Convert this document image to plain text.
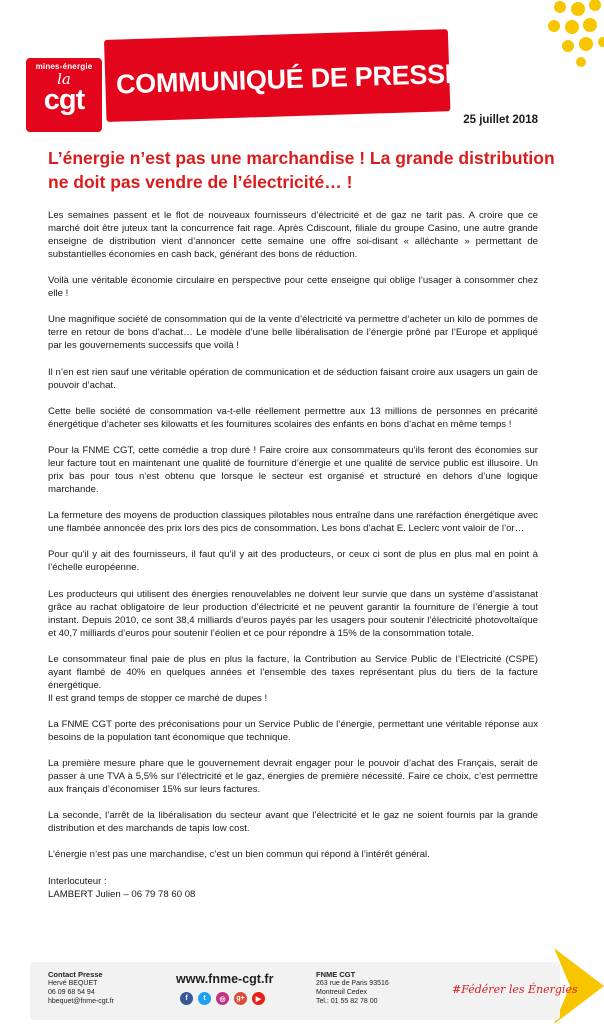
mines-énergie
la
cgt
COMMUNIQUÉ DE PRESSE
25 juillet 2018
L’énergie n’est pas une marchandise ! La grande distribution ne doit pas vendre de l’électricité… !

Les semaines passent et le flot de nouveaux fournisseurs d’électricité et de gaz ne tarit pas. A croire que ce marché doit être juteux tant la concurrence fait rage. Après Cdiscount, filiale du groupe Casino, une autre grande enseigne de distribution vient d’annoncer cette semaine une offre soi-disant « alléchante » permettant de substantielles économies en cash back, générant des bons de réduction.

Voilà une véritable économie circulaire en perspective pour cette enseigne qui oblige l’usager à consommer chez elle !

Une magnifique société de consommation qui de la vente d’électricité va permettre d’acheter un kilo de pommes de terre en retour de bons d’achat… Le modèle d’une belle libéralisation de l’énergie prôné par l’Europe et appliqué par les gouvernements successifs que voilà !

Il n’en est rien sauf une véritable opération de communication et de séduction faisant croire aux usagers un gain de pouvoir d’achat.

Cette belle société de consommation va-t-elle réellement permettre aux 13 millions de personnes en précarité énergétique d’acheter ses kilowatts et les fournitures scolaires des enfants en bons d’achat en même temps !

Pour la FNME CGT, cette comédie a trop duré ! Faire croire aux consommateurs qu’ils feront des économies sur leur facture tout en maintenant une qualité de fourniture d’énergie et une qualité de service public est illusoire. Un prix bas pour tous n’est obtenu que lorsque le secteur est organisé et structuré en dehors d’une logique marchande.

La fermeture des moyens de production classiques pilotables nous entraîne dans une raréfaction énergétique avec une flambée annoncée des prix lors des pics de consommation. Les bons d’achat E. Leclerc vont valoir de l’or…

Pour qu’il y ait des fournisseurs, il faut qu’il y ait des producteurs, or ceux ci sont de plus en plus mal en point à l’échelle européenne.

Les producteurs qui utilisent des énergies renouvelables ne doivent leur survie que dans un système d’assistanat grâce au rachat obligatoire de leur production d’électricité et ne peuvent garantir la fourniture de l’énergie à tout instant. Depuis 2010, ce sont 38,4 milliards d’euros payés par les usagers pour soutenir l’électricité photovoltaïque et 40,7 milliards d’euros pour soutenir l’éolien et ce pour répondre à 15% de la consommation totale.

Le consommateur final paie de plus en plus la facture, la Contribution au Service Public de l’Electricité (CSPE) ayant flambé de 40% en quelques années et l’ensemble des taxes représentant plus du tiers de la facture énergétique.
Il est grand temps de stopper ce marché de dupes !

La FNME CGT porte des préconisations pour un Service Public de l’énergie, permettant une véritable réponse aux besoins de la population tant économique que technique.

La première mesure phare que le gouvernement devrait engager pour le pouvoir d’achat des Français, serait de passer à une TVA à 5,5% sur l’électricité et le gaz, énergies de première nécessité. Faire ce choix, c’est permettre aux français d’économiser 15% sur leurs factures.

La seconde, l’arrêt de la libéralisation du secteur avant que l’électricité et le gaz ne soient fournis par la grande distribution et des marchands de tapis low cost.

L’énergie n’est pas une marchandise, c’est un bien commun qui répond à l’intérêt général.

Interlocuteur :
LAMBERT Julien – 06 79 78 60 08

Contact Presse
Hervé BEQUET
06 09 68 54 94
hbequet@fnme-cgt.fr
www.fnme-cgt.fr
f	t	◎	g+	▶
FNME CGT
263 rue de Paris 93516
Montreuil Cedex
Tel.: 01 55 82 78 00
#Fédérer les Énergies
